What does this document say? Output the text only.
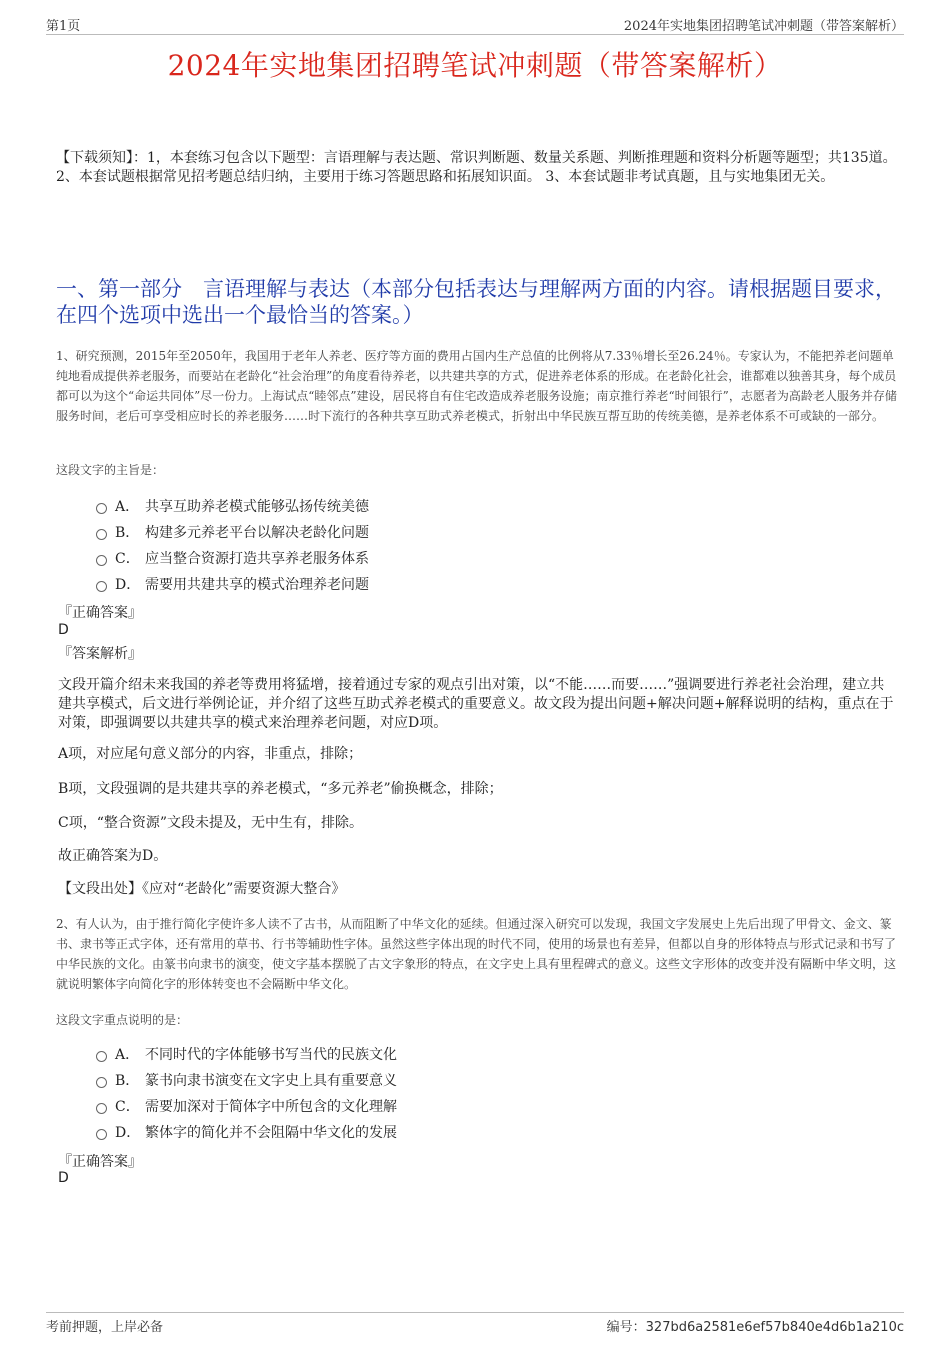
第1页	2024年实地集团招聘笔试冲刺题（带答案解析）
2024年实地集团招聘笔试冲刺题（带答案解析）
【下载须知】：1，本套练习包含以下题型：言语理解与表达题、常识判断题、数量关系题、判断推理题和资料分析题等题型；共135道。 2、本套试题根据常见招考题总结归纳，主要用于练习答题思路和拓展知识面。 3、本套试题非考试真题，且与实地集团无关。
一、第一部分　言语理解与表达（本部分包括表达与理解两方面的内容。请根据题目要求，在四个选项中选出一个最恰当的答案。）
1、研究预测，2015年至2050年，我国用于老年人养老、医疗等方面的费用占国内生产总值的比例将从7.33％增长至26.24％。专家认为，不能把养老问题单纯地看成提供养老服务，而要站在老龄化“社会治理”的角度看待养老，以共建共享的方式，促进养老体系的形成。在老龄化社会，谁都难以独善其身，每个成员都可以为这个“命运共同体”尽一份力。上海试点“睦邻点”建设，居民将自有住宅改造成养老服务设施；南京推行养老“时间银行”，志愿者为高龄老人服务并存储服务时间，老后可享受相应时长的养老服务……时下流行的各种共享互助式养老模式，折射出中华民族互帮互助的传统美德，是养老体系不可或缺的一部分。
这段文字的主旨是：
A． 共享互助养老模式能够弘扬传统美德
B． 构建多元养老平台以解决老龄化问题
C． 应当整合资源打造共享养老服务体系
D． 需要用共建共享的模式治理养老问题
『正确答案』
D
『答案解析』
文段开篇介绍未来我国的养老等费用将猛增，接着通过专家的观点引出对策，以“不能……而要……”强调要进行养老社会治理，建立共建共享模式，后文进行举例论证，并介绍了这些互助式养老模式的重要意义。故文段为提出问题+解决问题+解释说明的结构，重点在于对策，即强调要以共建共享的模式来治理养老问题，对应D项。
A项，对应尾句意义部分的内容，非重点，排除；
B项，文段强调的是共建共享的养老模式，“多元养老”偷换概念，排除；
C项，“整合资源”文段未提及，无中生有，排除。
故正确答案为D。
【文段出处】《应对“老龄化”需要资源大整合》
2、有人认为，由于推行简化字使许多人读不了古书，从而阻断了中华文化的延续。但通过深入研究可以发现，我国文字发展史上先后出现了甲骨文、金文、篆书、隶书等正式字体，还有常用的草书、行书等辅助性字体。虽然这些字体出现的时代不同，使用的场景也有差异，但都以自身的形体特点与形式记录和书写了中华民族的文化。由篆书向隶书的演变，使文字基本摆脱了古文字象形的特点，在文字史上具有里程碑式的意义。这些文字形体的改变并没有隔断中华文明，这就说明繁体字向简化字的形体转变也不会隔断中华文化。
这段文字重点说明的是：
A． 不同时代的字体能够书写当代的民族文化
B． 篆书向隶书演变在文字史上具有重要意义
C． 需要加深对于简体字中所包含的文化理解
D． 繁体字的简化并不会阻隔中华文化的发展
『正确答案』
D
考前押题，上岸必备	编号：327bd6a2581e6ef57b840e4d6b1a210c
